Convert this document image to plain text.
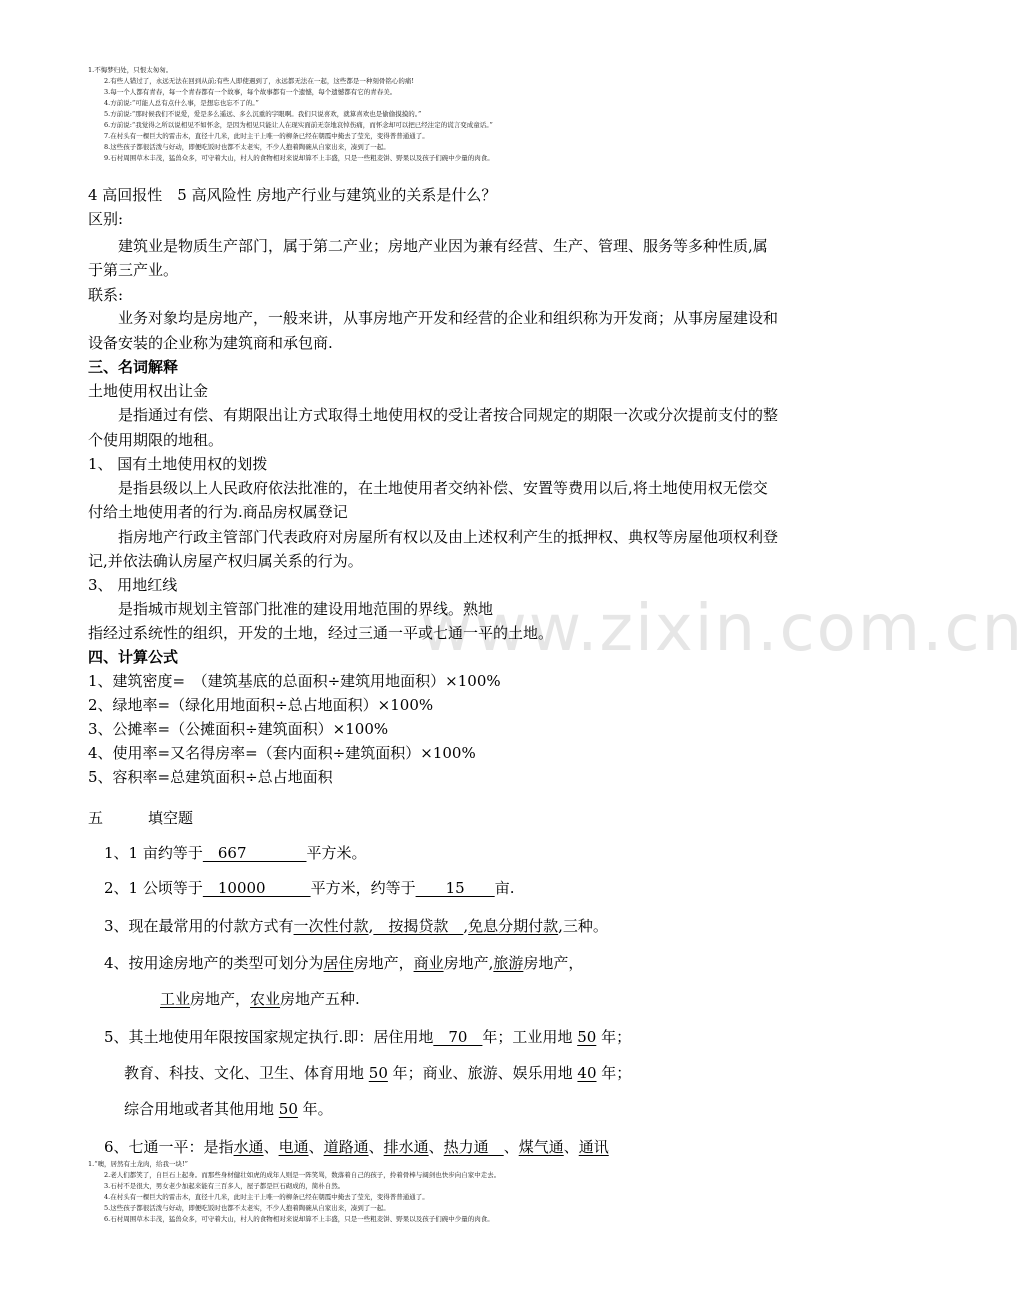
www.zixin.com.cn
1.不悔梦归处，只恨太匆匆。
2.有些人错过了，永远无法在回到从前;有些人即使遇到了，永远都无法在一起，这些都是一种刻骨铭心的痛!
3.每一个人都有青春，每一个青春都有一个故事，每个故事都有一个遗憾，每个遗憾都有它的青春美。
4.方前说:“可能人总有点什么事，是想忘也忘不了的。”
5.方前说:“那时候我们不说爱，爱是多么遥远、多么沉重的字眼啊。我们只说喜欢，就算喜欢也是偷偷摸摸的。”
6.方前说:“我觉得之所以说相见不如怀念，是因为相见只能让人在现实面前无奈地哀悼伤痛，而怀念却可以把已经注定的谎言变成童话。”
7.在村头有一棵巨大的雷击木，直径十几米，此时主干上唯一的柳条已经在朝霞中掩去了莹光，变得普普通通了。
8.这些孩子都很活泼与好动，即便吃饭时也都不太老实，不少人抱着陶碗从自家出来，凑到了一起。
9.石村周围草木丰茂，猛兽众多，可守着大山，村人的食物相对来说却算不上丰盛，只是一些粗麦饼、野果以及孩子们碗中少量的肉食。
4 高回报性　5 高风险性 房地产行业与建筑业的关系是什么？
区别:
建筑业是物质生产部门，属于第二产业；房地产业因为兼有经营、生产、管理、服务等多种性质,属
于第三产业。
联系:
业务对象均是房地产，一般来讲，从事房地产开发和经营的企业和组织称为开发商；从事房屋建设和
设备安装的企业称为建筑商和承包商.
三、名词解释
土地使用权出让金
是指通过有偿、有期限出让方式取得土地使用权的受让者按合同规定的期限一次或分次提前支付的整
个使用期限的地租。
1、 国有土地使用权的划拨
是指县级以上人民政府依法批准的，在土地使用者交纳补偿、安置等费用以后,将土地使用权无偿交
付给土地使用者的行为.商品房权属登记
指房地产行政主管部门代表政府对房屋所有权以及由上述权利产生的抵押权、典权等房屋他项权利登
记,并依法确认房屋产权归属关系的行为。
3、 用地红线
是指城市规划主管部门批准的建设用地范围的界线。熟地
指经过系统性的组织，开发的土地，经过三通一平或七通一平的土地。
四、计算公式
1、建筑密度=　（建筑基底的总面积÷建筑用地面积）×100%
2、绿地率=（绿化用地面积÷总占地面积）×100%
3、公摊率=（公摊面积÷建筑面积）×100%
4、使用率=又名得房率=（套内面积÷建筑面积）×100%
5、容积率=总建筑面积÷总占地面积
五　　　填空题
1、1 亩约等于　667　　　　平方米。
2、1 公顷等于　10000　　　平方米，约等于　　15　　亩.
3、现在最常用的付款方式有一次性付款,　按揭贷款　,免息分期付款,三种。
4、按用途房地产的类型可划分为居住房地产，商业房地产,旅游房地产，
工业房地产，农业房地产五种.
5、其土地使用年限按国家规定执行.即：居住用地　70　年；工业用地 50 年；
教育、科技、文化、卫生、体育用地 50 年；商业、旅游、娱乐用地 40 年；
综合用地或者其他用地 50 年。
6、七通一平：是指水通、电通、道路通、排水通、热力通　、煤气通、通讯
1.“噢，居然有土龙肉，给我一块!”
2.老人们都笑了，自巨石上起身。而那些身材健壮如虎的成年人则是一阵笑骂，数落着自己的孩子，拎着骨棒与阔剑也快步向自家中走去。
3.石村不是很大，男女老少加起来能有三百多人，屋子都是巨石砌成的，简朴自然。
4.在村头有一棵巨大的雷击木，直径十几米，此时主干上唯一的柳条已经在朝霞中掩去了莹光，变得普普通通了。
5.这些孩子都很活泼与好动，即便吃饭时也都不太老实，不少人抱着陶碗从自家出来，凑到了一起。
6.石村周围草木丰茂，猛兽众多，可守着大山，村人的食物相对来说却算不上丰盛，只是一些粗麦饼、野果以及孩子们碗中少量的肉食。
